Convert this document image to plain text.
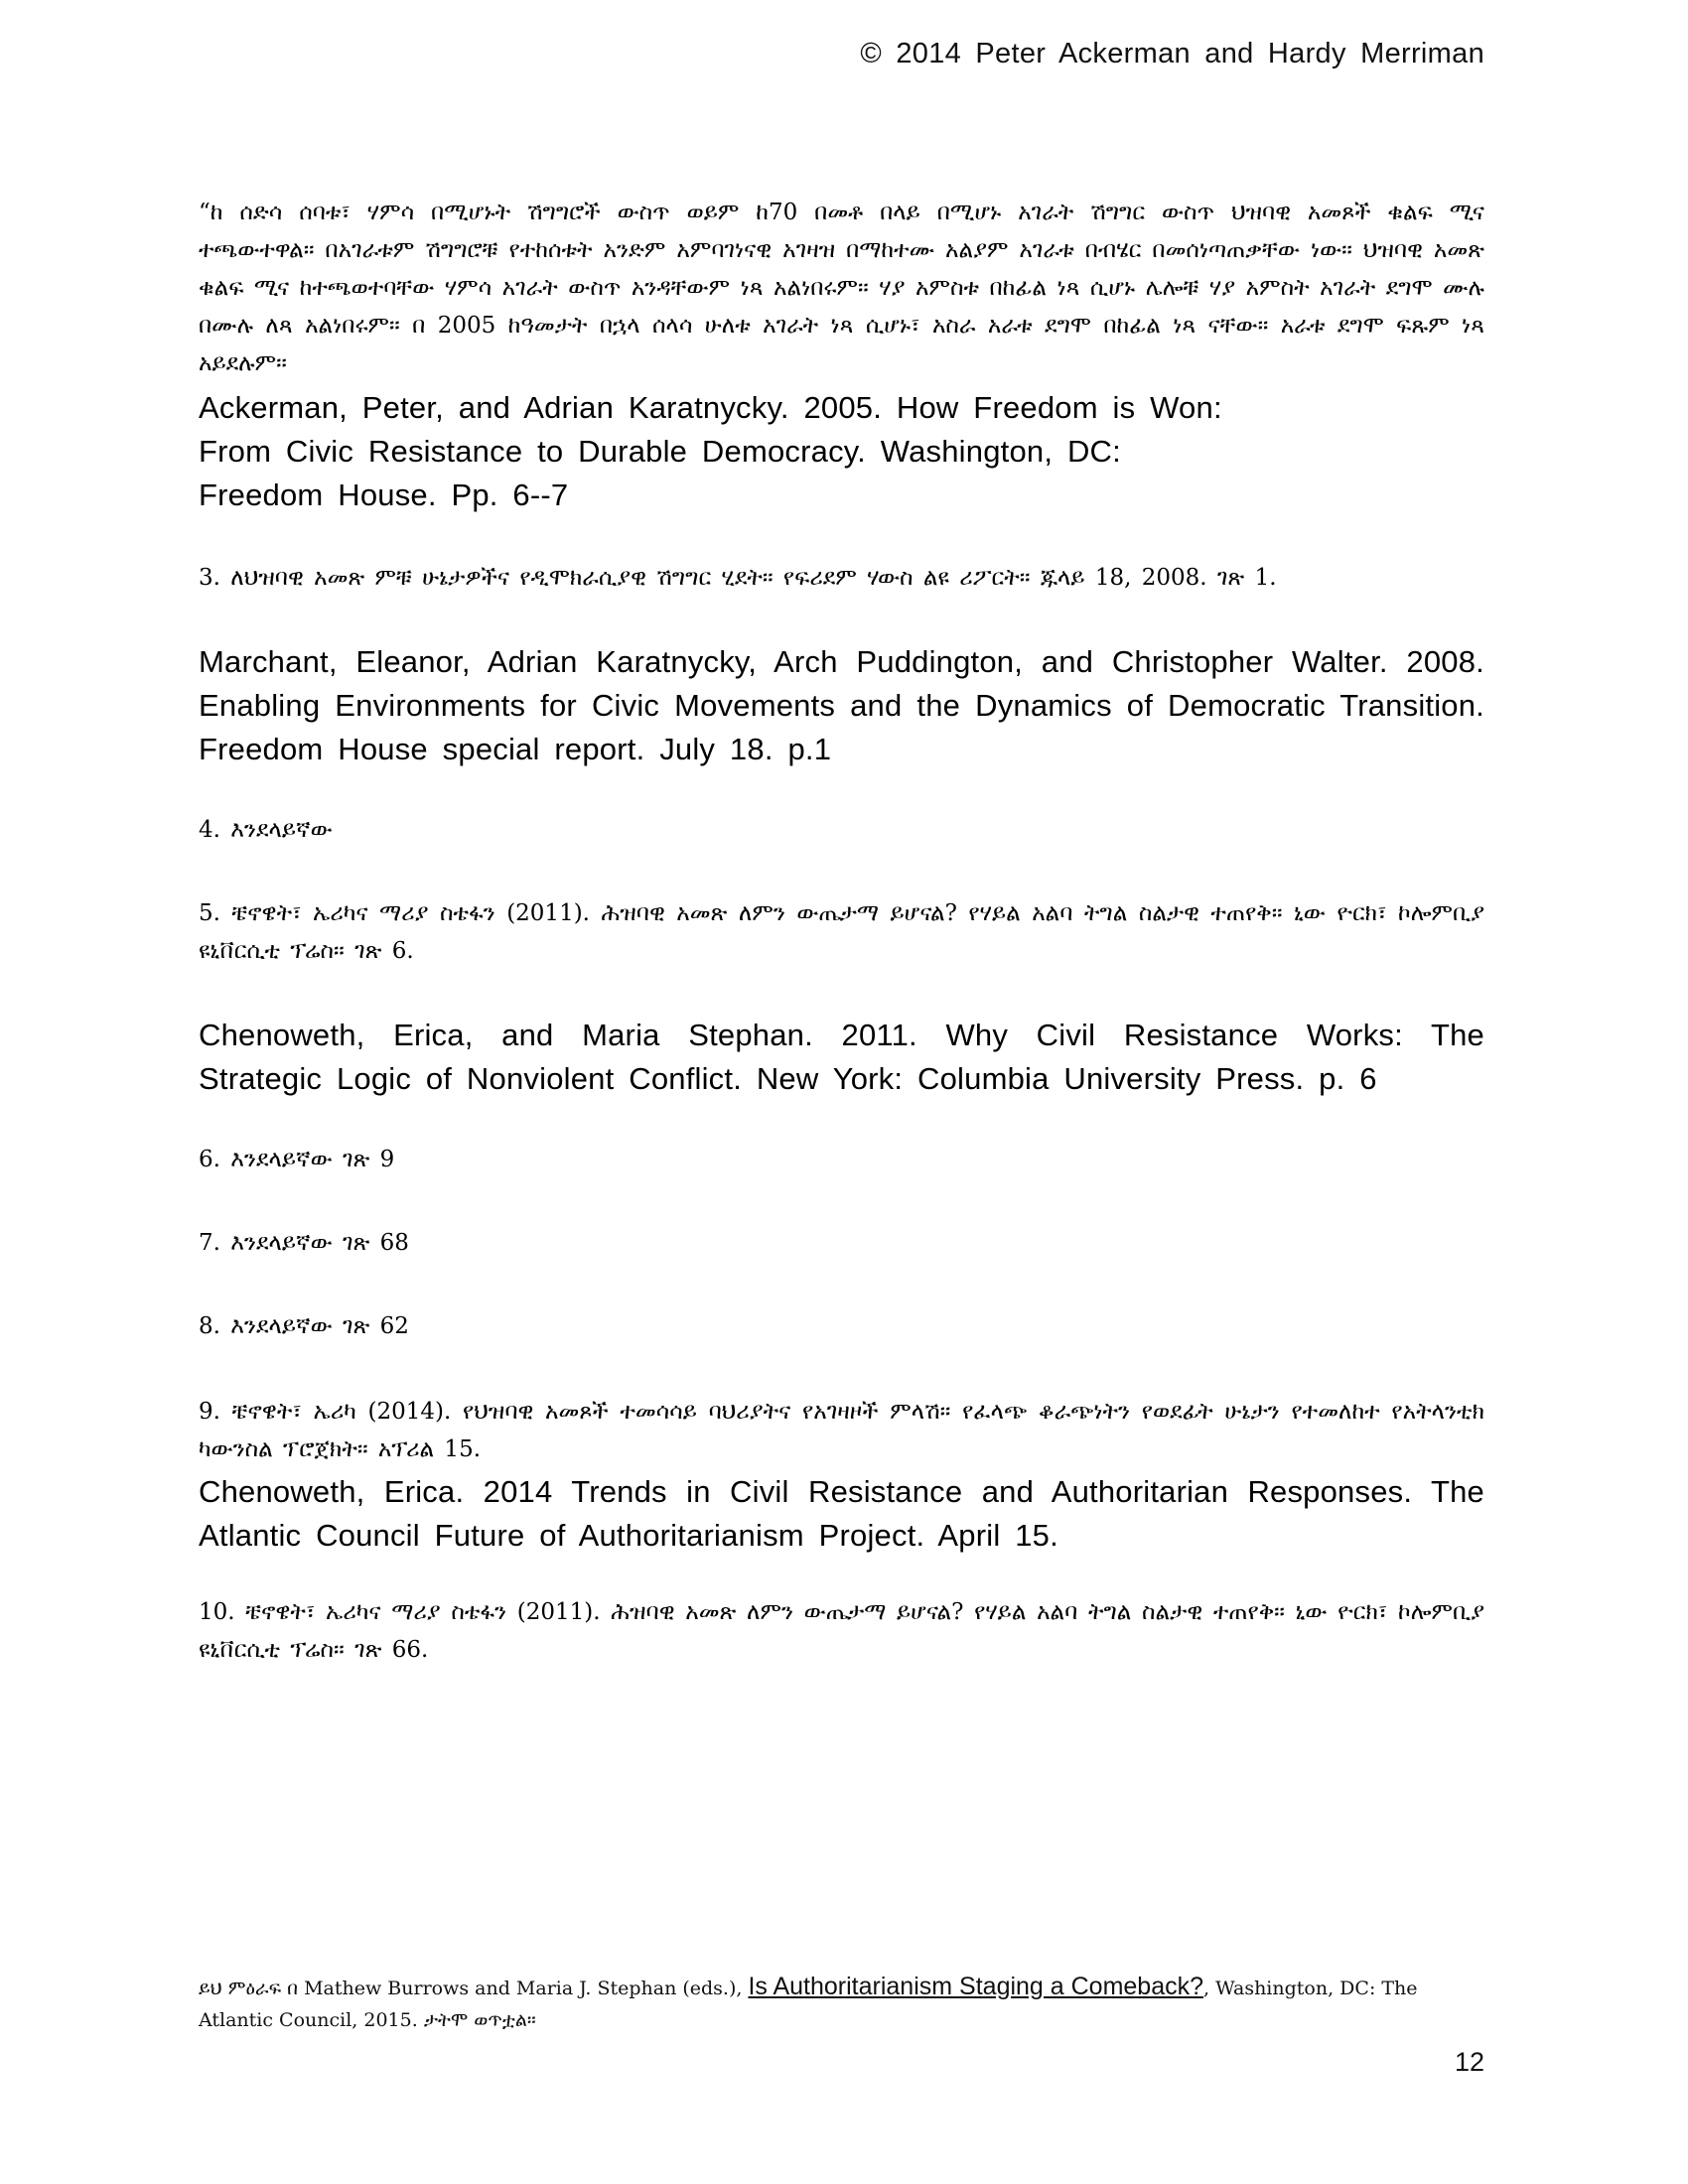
© 2014 Peter Ackerman and Hardy Merriman

“ከ ሰድሳ ሰባቱ፣ ሃምሳ በሚሆኑት ሽግግሮች ውስጥ ወይም ከ70 በመቶ በላይ በሚሆኑ አገራት ሽግግር ውስጥ ህዝባዊ አመጾች ቁልፍ ሚና ተጫውተዋል። በአገራቱም ሽግግሮቹ የተከሰቱት አንድም አምባገነናዊ አገዛዝ በማከተሙ አልያም አገራቱ በብሄር በመሰነጣጠቃቸው ነው። ህዝባዊ አመጽ ቁልፍ ሚና ከተጫወተባቸው ሃምሳ አገራት ውስጥ አንዳቸውም ነጻ አልነበሩም። ሃያ አምስቱ በከፊል ነጻ ሲሆኑ ሌሎቹ ሃያ አምስት አገራት ደግሞ ሙሉ በሙሉ ለጻ አልነበሩም። በ 2005 ከዓመታት በኋላ ሰላሳ ሁለቱ አገራት ነጻ ሲሆኑ፣ አስራ አራቱ ደግሞ በከፊል ነጻ ናቸው። አራቱ ደግሞ ፍጹም ነጻ አይደሉም።

Ackerman, Peter, and Adrian Karatnycky. 2005. How Freedom is Won: From Civic Resistance to Durable Democracy. Washington, DC: Freedom House. Pp. 6--7

3. ለህዝባዊ አመጽ ምቹ ሁኔታዎችና የዲሞክራሲያዊ ሽግግር ሂደት። የፍሪደም ሃውስ ልዩ ሪፖርት። ጁላይ 18, 2008. ገጽ 1.

Marchant, Eleanor, Adrian Karatnycky, Arch Puddington, and Christopher Walter. 2008. Enabling Environments for Civic Movements and the Dynamics of Democratic Transition. Freedom House special report. July 18. p.1

4. እንደላይኛው

5. ቼኖዌት፣ ኤሪካና ማሪያ ስቴፋን (2011). ሕዝባዊ አመጽ ለምን ውጤታማ ይሆናል? የሃይል አልባ ትግል ስልታዊ ተጠየቅ። ኒው ዮርክ፣ ኮሎምቢያ ዩኒቨርሲቲ ፕሬስ። ገጽ 6.

Chenoweth, Erica, and Maria Stephan. 2011. Why Civil Resistance Works: The Strategic Logic of Nonviolent Conflict. New York: Columbia University Press. p. 6

6. እንደላይኛው ገጽ 9

7. እንደላይኛው ገጽ 68

8. እንደላይኛው ገጽ 62

9. ቼኖዌት፣ ኤሪካ (2014). የህዝባዊ አመጾች ተመሳሳይ ባህሪያትና የአገዛዞች ምላሽ። የፈላጭ ቆራጭነትን የወደፊት ሁኔታን የተመለከተ የአትላንቲክ ካውንስል ፕሮጀክት። አፕሪል 15.

Chenoweth, Erica. 2014 Trends in Civil Resistance and Authoritarian Responses. The Atlantic Council Future of Authoritarianism Project. April 15.

10. ቼኖዌት፣ ኤሪካና ማሪያ ስቴፋን (2011). ሕዝባዊ አመጽ ለምን ውጤታማ ይሆናል? የሃይል አልባ ትግል ስልታዊ ተጠየቅ። ኒው ዮርክ፣ ኮሎምቢያ ዩኒቨርሲቲ ፕሬስ። ገጽ 66.

ይህ ምዕራፍ በ Mathew Burrows and Maria J. Stephan (eds.), Is Authoritarianism Staging a Comeback?, Washington, DC: The Atlantic Council, 2015. ታትሞ ወጥቷል።
12
